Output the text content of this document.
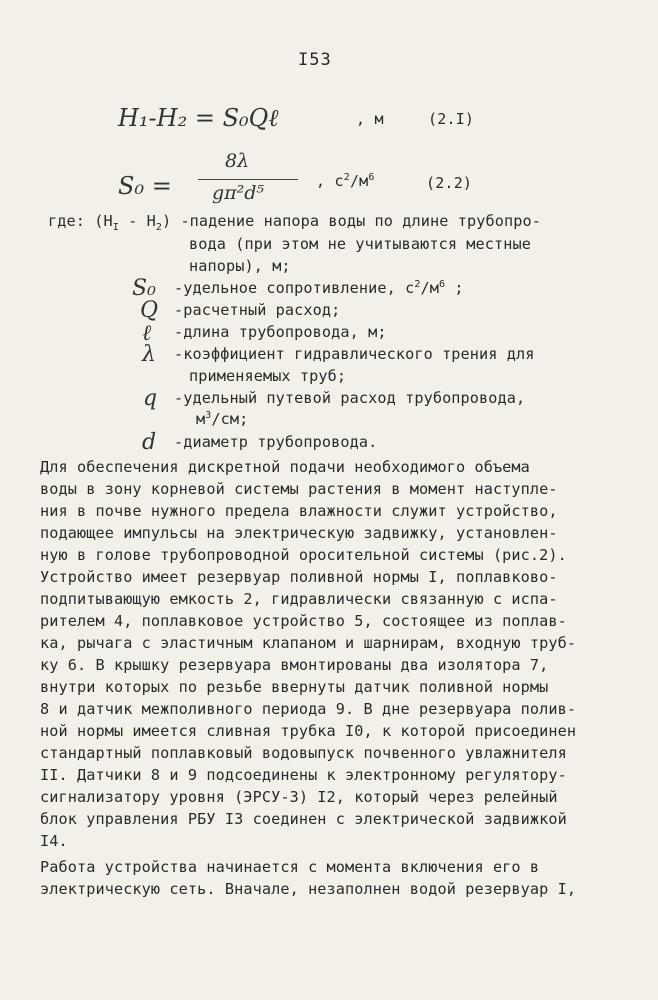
I53
H₁-H₂ = S₀Qℓ	, м	(2.I)
S₀ =
8λ
gπ²d⁵
, $с^2/м^6$	(2.2)
где: $(H_I - H_2)$ -падение напора воды по длине трубопро-
вода (при этом не учитываются местные
напоры), м;
S₀ -удельное сопротивление, $с^2/м^6$ ;
Q -расчетный расход;
ℓ -длина трубопровода, м;
λ -коэффициент гидравлического трения для
применяемых труб;
q -удельный путевой расход трубопровода,
$м^3/см$;
d -диаметр трубопровода.
Для обеспечения дискретной подачи необходимого объема
воды в зону корневой системы растения в момент наступле-
ния в почве нужного предела влажности служит устройство,
подающее импульсы на электрическую задвижку, установлен-
ную в голове трубопроводной оросительной системы (рис.2).
Устройство имеет резервуар поливной нормы I, поплавково-
подпитывающую емкость 2, гидравлически связанную с испа-
рителем 4, поплавковое устройство 5, состоящее из поплав-
ка, рычага с эластичным клапаном и шарнирам, входную труб-
ку 6. В крышку резервуара вмонтированы два изолятора 7,
внутри которых по резьбе ввернуты датчик поливной нормы
8 и датчик межполивного периода 9. В дне резервуара полив-
ной нормы имеется сливная трубка I0, к которой присоединен
стандартный поплавковый водовыпуск почвенного увлажнителя
II. Датчики 8 и 9 подсоединены к электронному регулятору-
сигнализатору уровня (ЭРСУ-3) I2, который через релейный
блок управления РБУ I3 соединен с электрической задвижкой
I4.
Работа устройства начинается с момента включения его в
электрическую сеть. Вначале, незаполнен водой резервуар I,
